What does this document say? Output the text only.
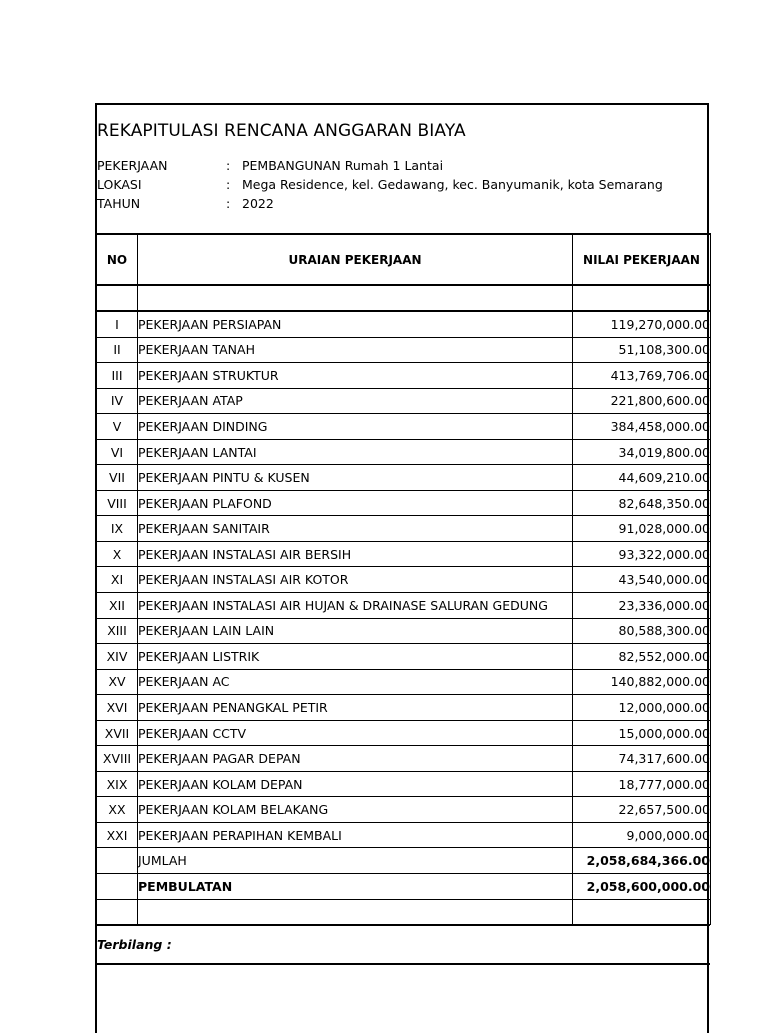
REKAPITULASI RENCANA ANGGARAN BIAYA
PEKERJAAN	: PEMBANGUNAN Rumah 1 Lantai
LOKASI	: Mega Residence, kel. Gedawang, kec. Banyumanik, kota Semarang
TAHUN	: 2022
NO	URAIAN PEKERJAAN	NILAI PEKERJAAN

I	PEKERJAAN PERSIAPAN	119,270,000.00
II	PEKERJAAN TANAH	51,108,300.00
III	PEKERJAAN STRUKTUR	413,769,706.00
IV	PEKERJAAN ATAP	221,800,600.00
V	PEKERJAAN DINDING	384,458,000.00
VI	PEKERJAAN LANTAI	34,019,800.00
VII	PEKERJAAN PINTU & KUSEN	44,609,210.00
VIII	PEKERJAAN PLAFOND	82,648,350.00
IX	PEKERJAAN SANITAIR	91,028,000.00
X	PEKERJAAN INSTALASI AIR BERSIH	93,322,000.00
XI	PEKERJAAN INSTALASI AIR KOTOR	43,540,000.00
XII	PEKERJAAN INSTALASI AIR HUJAN & DRAINASE SALURAN GEDUNG	23,336,000.00
XIII	PEKERJAAN LAIN LAIN	80,588,300.00
XIV	PEKERJAAN LISTRIK	82,552,000.00
XV	PEKERJAAN AC	140,882,000.00
XVI	PEKERJAAN PENANGKAL PETIR	12,000,000.00
XVII	PEKERJAAN CCTV	15,000,000.00
XVIII	PEKERJAAN PAGAR DEPAN	74,317,600.00
XIX	PEKERJAAN KOLAM DEPAN	18,777,000.00
XX	PEKERJAAN KOLAM BELAKANG	22,657,500.00
XXI	PEKERJAAN PERAPIHAN KEMBALI	9,000,000.00
	JUMLAH	2,058,684,366.00
	PEMBULATAN	2,058,600,000.00

Terbilang :
